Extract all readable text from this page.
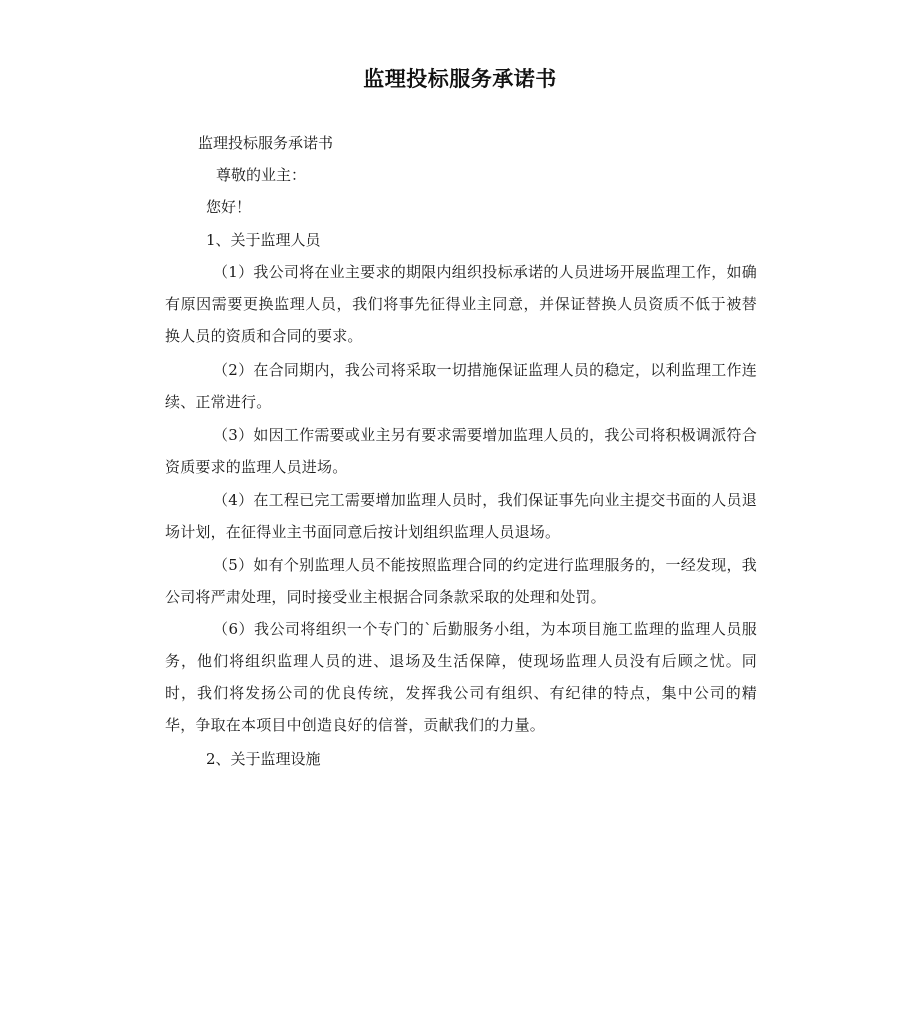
监理投标服务承诺书
监理投标服务承诺书
尊敬的业主：
您好！
1、关于监理人员
（1）我公司将在业主要求的期限内组织投标承诺的人员进场开展监理工作，如确有原因需要更换监理人员，我们将事先征得业主同意，并保证替换人员资质不低于被替换人员的资质和合同的要求。
（2）在合同期内，我公司将采取一切措施保证监理人员的稳定，以利监理工作连续、正常进行。
（3）如因工作需要或业主另有要求需要增加监理人员的，我公司将积极调派符合资质要求的监理人员进场。
（4）在工程已完工需要增加监理人员时，我们保证事先向业主提交书面的人员退场计划，在征得业主书面同意后按计划组织监理人员退场。
（5）如有个别监理人员不能按照监理合同的约定进行监理服务的，一经发现，我公司将严肃处理，同时接受业主根据合同条款采取的处理和处罚。
（6）我公司将组织一个专门的`后勤服务小组，为本项目施工监理的监理人员服务，他们将组织监理人员的进、退场及生活保障，使现场监理人员没有后顾之忧。同时，我们将发扬公司的优良传统，发挥我公司有组织、有纪律的特点，集中公司的精华，争取在本项目中创造良好的信誉，贡献我们的力量。
2、关于监理设施
